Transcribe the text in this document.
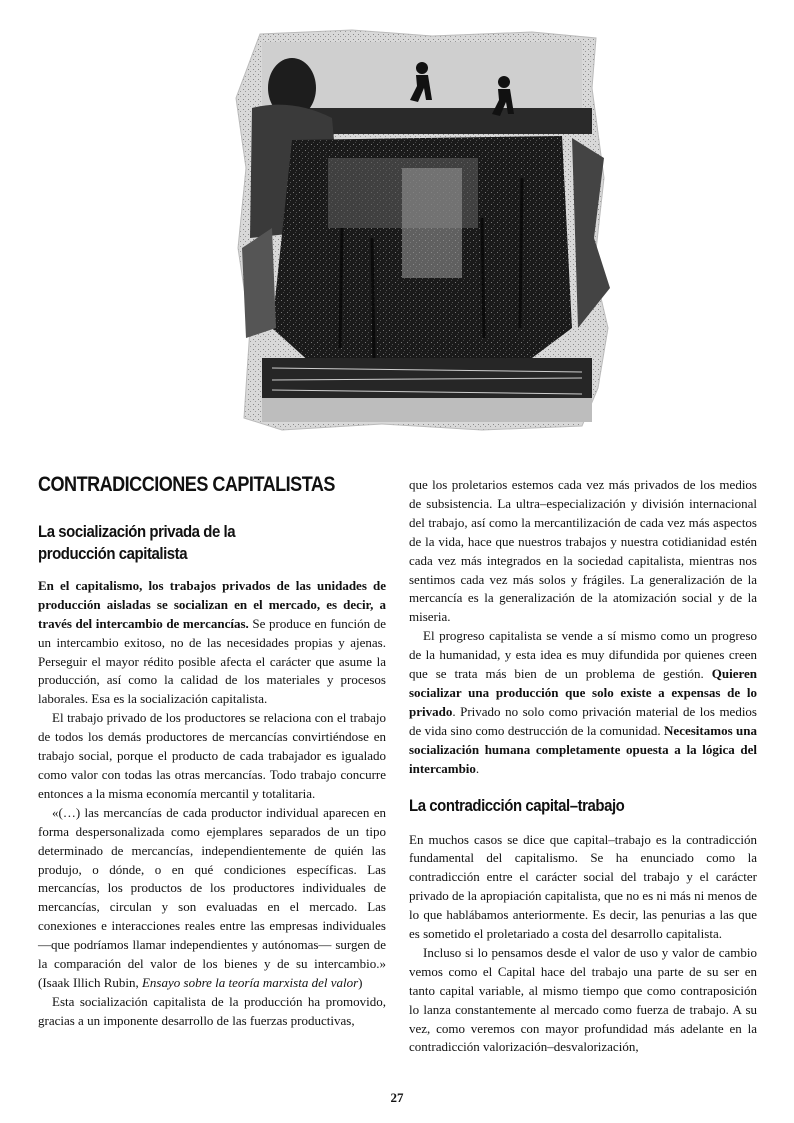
CONTRADICCIONES CAPITALISTAS
La socialización privada de la
producción capitalista

En el capitalismo, los trabajos privados de las unidades de producción aisladas se socializan en el mercado, es decir, a través del intercambio de mercancías. Se produce en función de un intercambio exitoso, no de las necesidades propias y ajenas. Perseguir el mayor rédito posible afecta el carácter que asume la producción, así como la calidad de los materiales y procesos laborales. Esa es la socialización capitalista.

El trabajo privado de los productores se relaciona con el trabajo de todos los demás productores de mercancías convirtiéndose en trabajo social, porque el producto de cada trabajador es igualado como valor con todas las otras mercancías. Todo trabajo concurre entonces a la misma economía mercantil y totalitaria.

«(…) las mercancías de cada productor individual aparecen en forma despersonalizada como ejemplares separados de un tipo determinado de mercancías, independientemente de quién las produjo, o dónde, o en qué condiciones específicas. Las mercancías, los productos de los productores individuales de mercancías, circulan y son evaluadas en el mercado. Las conexiones e interacciones reales entre las empresas individuales —que podríamos llamar independientes y autónomas— surgen de la comparación del valor de los bienes y de su intercambio.» (Isaak Illich Rubin, Ensayo sobre la teoría marxista del valor)

Esta socialización capitalista de la producción ha promovido, gracias a un imponente desarrollo de las fuerzas productivas,

que los proletarios estemos cada vez más privados de los medios de subsistencia. La ultra–especialización y división internacional del trabajo, así como la mercantilización de cada vez más aspectos de la vida, hace que nuestros trabajos y nuestra cotidianidad estén cada vez más integrados en la sociedad capitalista, mientras nos sentimos cada vez más solos y frágiles. La generalización de la mercancía es la generalización de la atomización social y de la miseria.

El progreso capitalista se vende a sí mismo como un progreso de la humanidad, y esta idea es muy difundida por quienes creen que se trata más bien de un problema de gestión. Quieren socializar una producción que solo existe a expensas de lo privado. Privado no solo como privación material de los medios de vida sino como destrucción de la comunidad. Necesitamos una socialización humana completamente opuesta a la lógica del intercambio.

La contradicción capital–trabajo

En muchos casos se dice que capital–trabajo es la contradicción fundamental del capitalismo. Se ha enunciado como la contradicción entre el carácter social del trabajo y el carácter privado de la apropiación capitalista, que no es ni más ni menos de lo que hablábamos anteriormente. Es decir, las penurias a las que es sometido el proletariado a costa del desarrollo capitalista.

Incluso si lo pensamos desde el valor de uso y valor de cambio vemos como el Capital hace del trabajo una parte de su ser en tanto capital variable, al mismo tiempo que como contraposición lo lanza constantemente al mercado como fuerza de trabajo. A su vez, como veremos con mayor profundidad más adelante en la contradicción valorización–desvalorización,

27
